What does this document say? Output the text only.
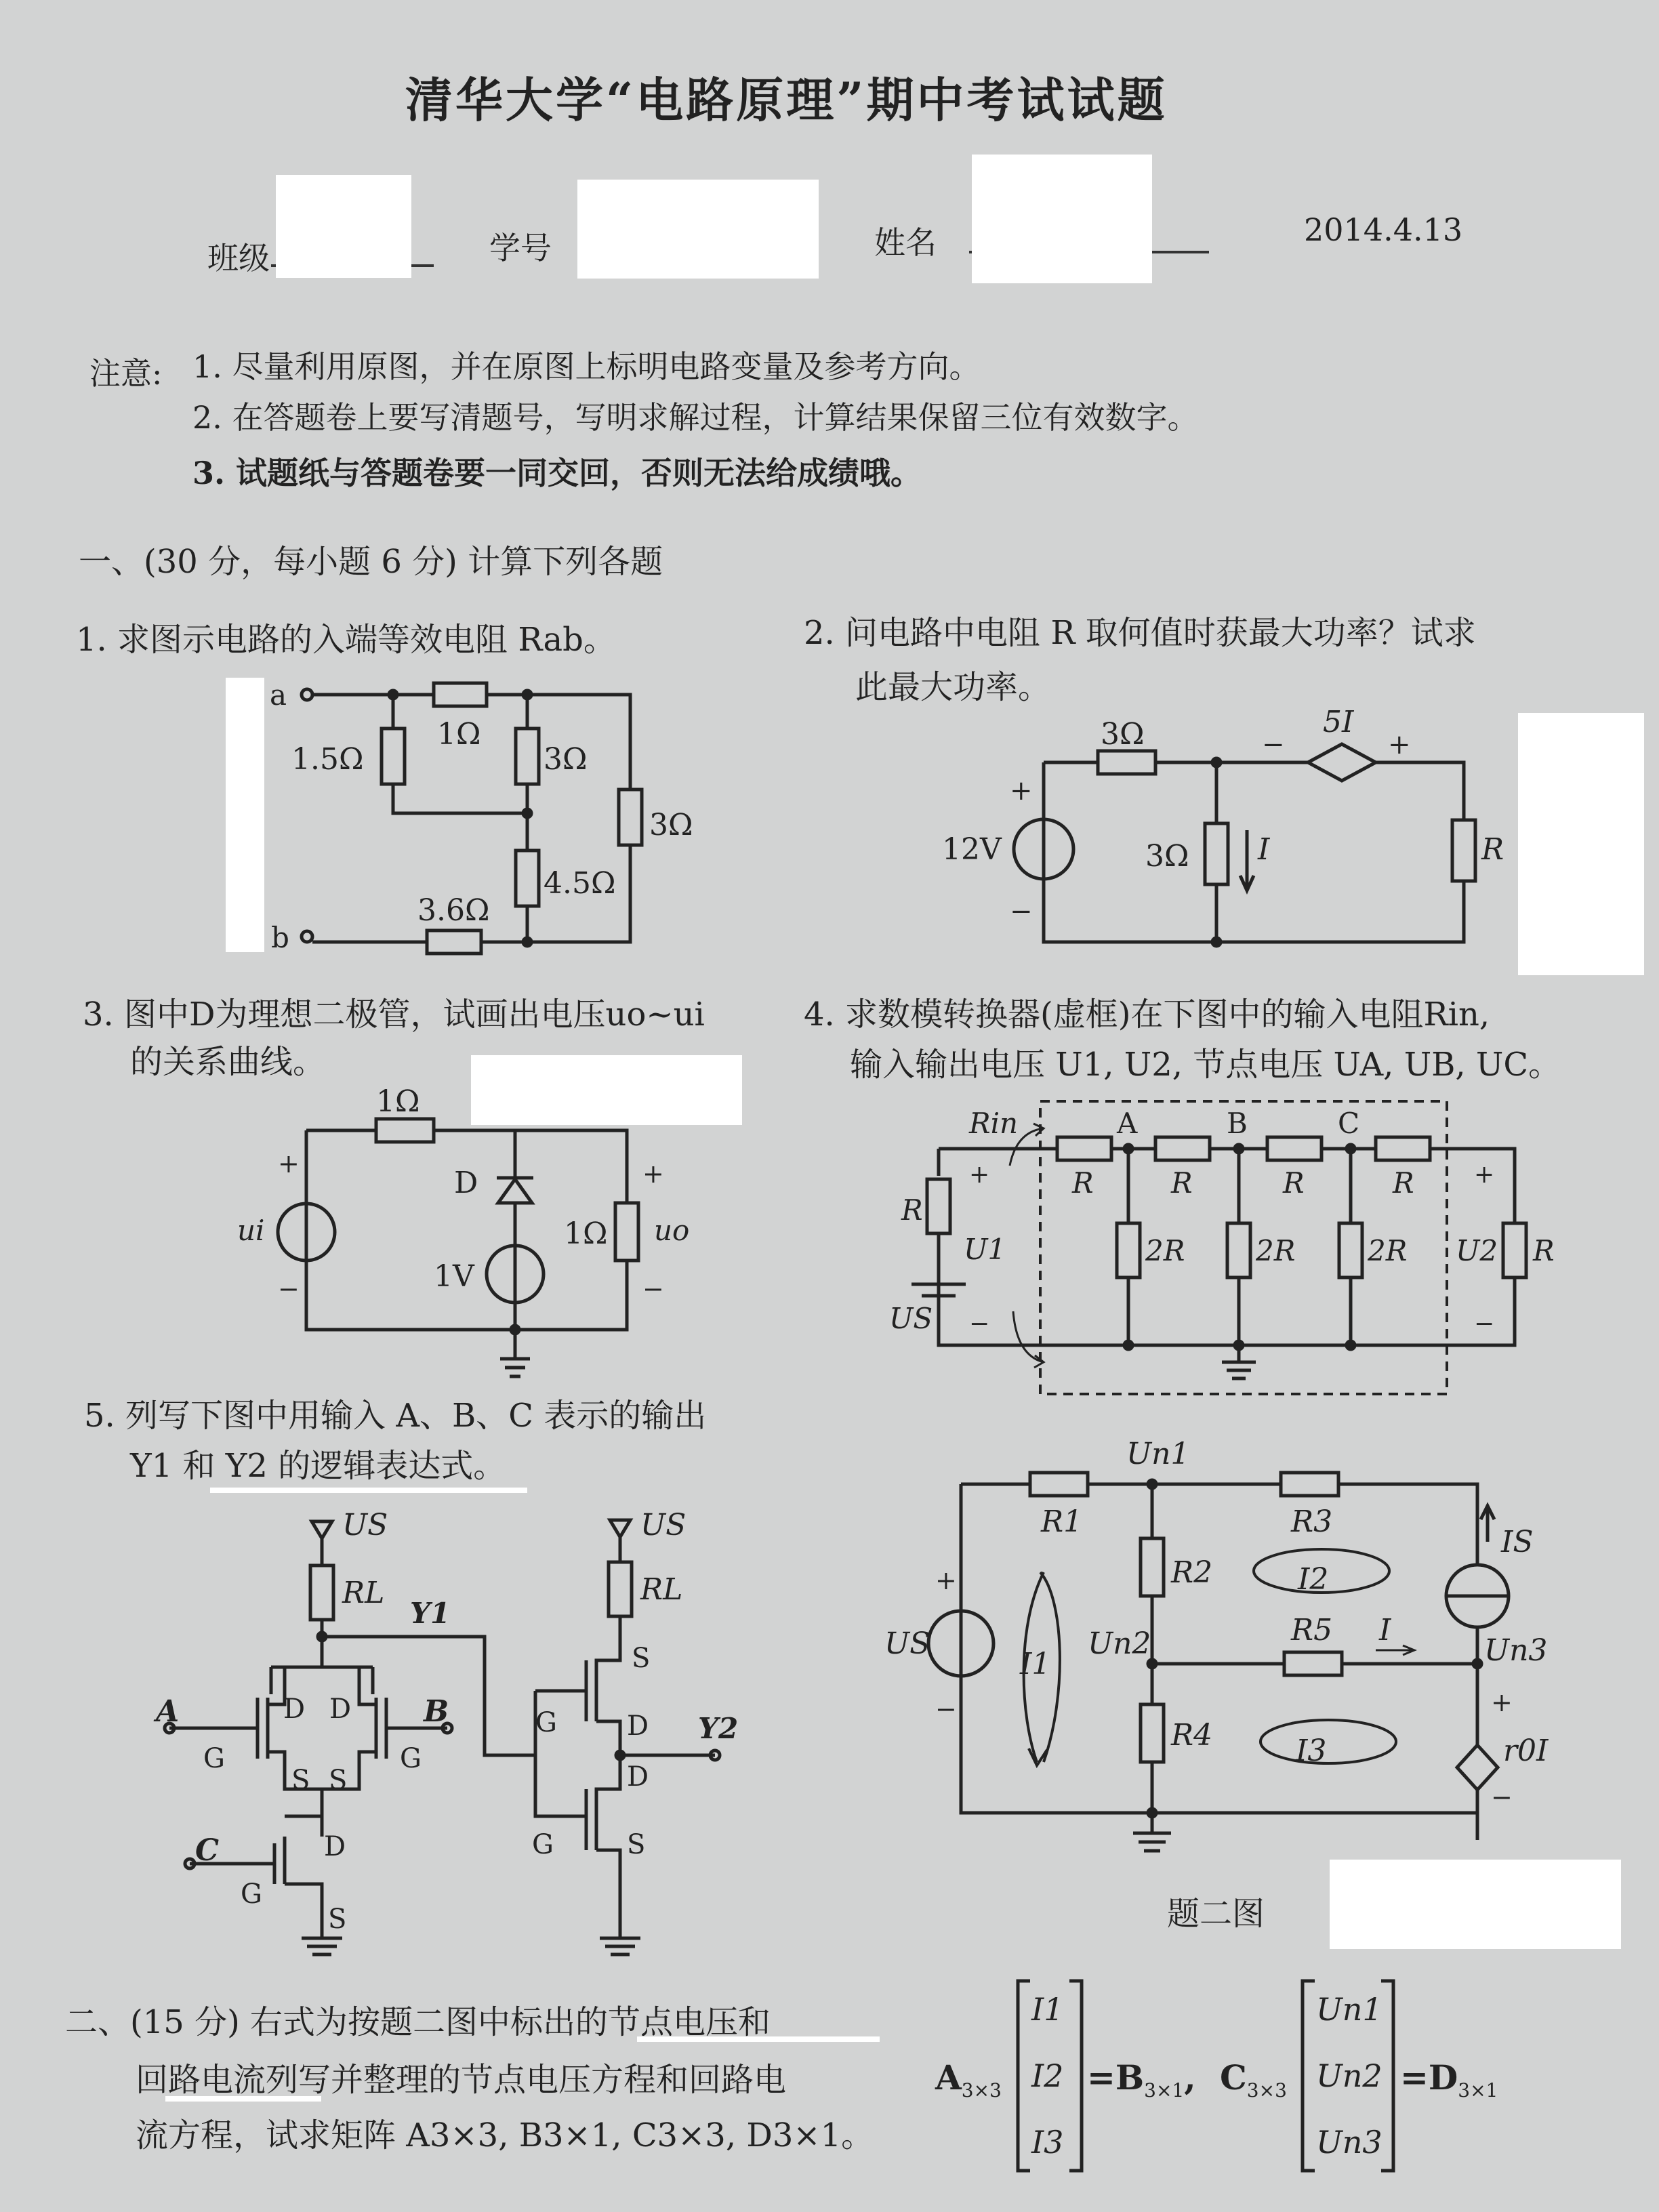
清华大学“电路原理”期中考试试题
班级	学号	姓名	2014.4.13
注意: 1. 尽量利用原图，并在原图上标明电路变量及参考方向。
2. 在答题卷上要写清题号，写明求解过程，计算结果保留三位有效数字。
3. 试题纸与答题卷要一同交回，否则无法给成绩哦。
一、(30 分，每小题 6 分) 计算下列各题
1. 求图示电路的入端等效电阻 Rab。	2. 问电路中电阻 R 取何值时获最大功率？试求
此最大功率。
3. 图中D为理想二极管，试画出电压uo~ui
的关系曲线。
4. 求数模转换器(虚框)在下图中的输入电阻Rin,
输入输出电压 U1, U2, 节点电压 UA, UB, UC。
5. 列写下图中用输入 A、B、C 表示的输出
Y1 和 Y2 的逻辑表达式。
a
b
1.5Ω
1Ω
3Ω
3Ω
4.5Ω
3.6Ω
3Ω
3Ω
12V
5I
I	R
+
−
−	+
1Ω
1Ω
D
1V
ui	uo
+
−
+
−
Rin	A	B	C
R	R	R	R
R
R
2R 2R	2R
U1	U2
US
+
−
+
−
US	US
RL	RL
Y1
Y2
A	B
C
G	G
G
G
G
D D
S S
D
S
S
D
D
S
Un1
Un2	Un3
R1
R2
R3
R4
R5
IS
US
I1
I2
I3
I
r0I
+
−	+
−
题二图
二、(15 分) 右式为按题二图中标出的节点电压和
回路电流列写并整理的节点电压方程和回路电
流方程，试求矩阵 A3×3, B3×1, C3×3, D3×1。
$A_{3\times 3}$
I1
I2
I3
$=B_{3\times 1}$, $C_{3\times 3}$
Un1
Un2
Un3
$=D_{3\times 1}$
